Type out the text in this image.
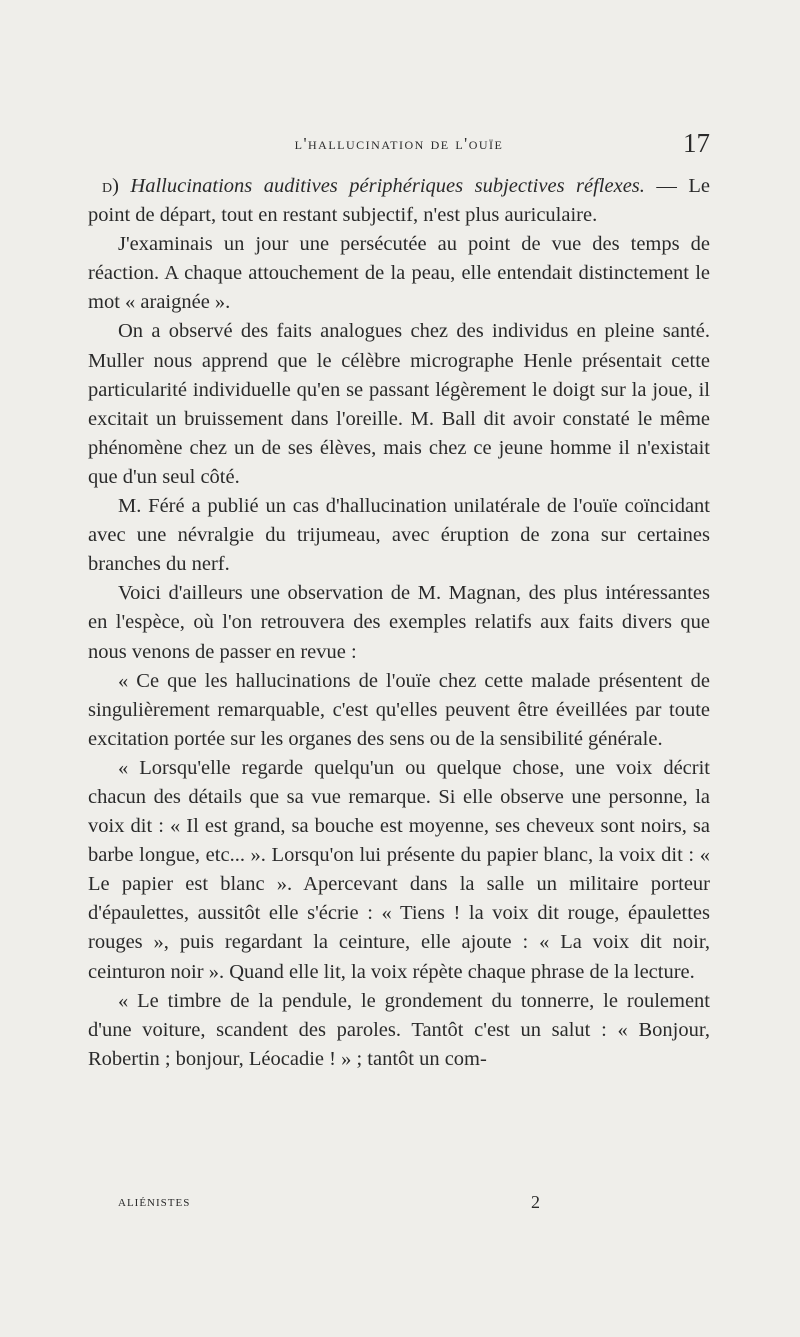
l'hallucination de l'ouïe	17

d) Hallucinations auditives périphériques subjectives réflexes. — Le point de départ, tout en restant subjectif, n'est plus auriculaire.

J'examinais un jour une persécutée au point de vue des temps de réaction. A chaque attouchement de la peau, elle entendait distinctement le mot « araignée ».

On a observé des faits analogues chez des individus en pleine santé. Muller nous apprend que le célèbre micrographe Henle présentait cette particularité individuelle qu'en se passant légèrement le doigt sur la joue, il excitait un bruissement dans l'oreille. M. Ball dit avoir constaté le même phénomène chez un de ses élèves, mais chez ce jeune homme il n'existait que d'un seul côté.

M. Féré a publié un cas d'hallucination unilatérale de l'ouïe coïncidant avec une névralgie du trijumeau, avec éruption de zona sur certaines branches du nerf.

Voici d'ailleurs une observation de M. Magnan, des plus intéressantes en l'espèce, où l'on retrouvera des exemples relatifs aux faits divers que nous venons de passer en revue :

« Ce que les hallucinations de l'ouïe chez cette malade présentent de singulièrement remarquable, c'est qu'elles peuvent être éveillées par toute excitation portée sur les organes des sens ou de la sensibilité générale.

« Lorsqu'elle regarde quelqu'un ou quelque chose, une voix décrit chacun des détails que sa vue remarque. Si elle observe une personne, la voix dit : « Il est grand, sa bouche est moyenne, ses cheveux sont noirs, sa barbe longue, etc... ». Lorsqu'on lui présente du papier blanc, la voix dit : « Le papier est blanc ». Apercevant dans la salle un militaire porteur d'épaulettes, aussitôt elle s'écrie : « Tiens ! la voix dit rouge, épaulettes rouges », puis regardant la ceinture, elle ajoute : « La voix dit noir, ceinturon noir ». Quand elle lit, la voix répète chaque phrase de la lecture.

« Le timbre de la pendule, le grondement du tonnerre, le roulement d'une voiture, scandent des paroles. Tantôt c'est un salut : « Bonjour, Robertin ; bonjour, Léocadie ! » ; tantôt un com-

aliénistes	2
